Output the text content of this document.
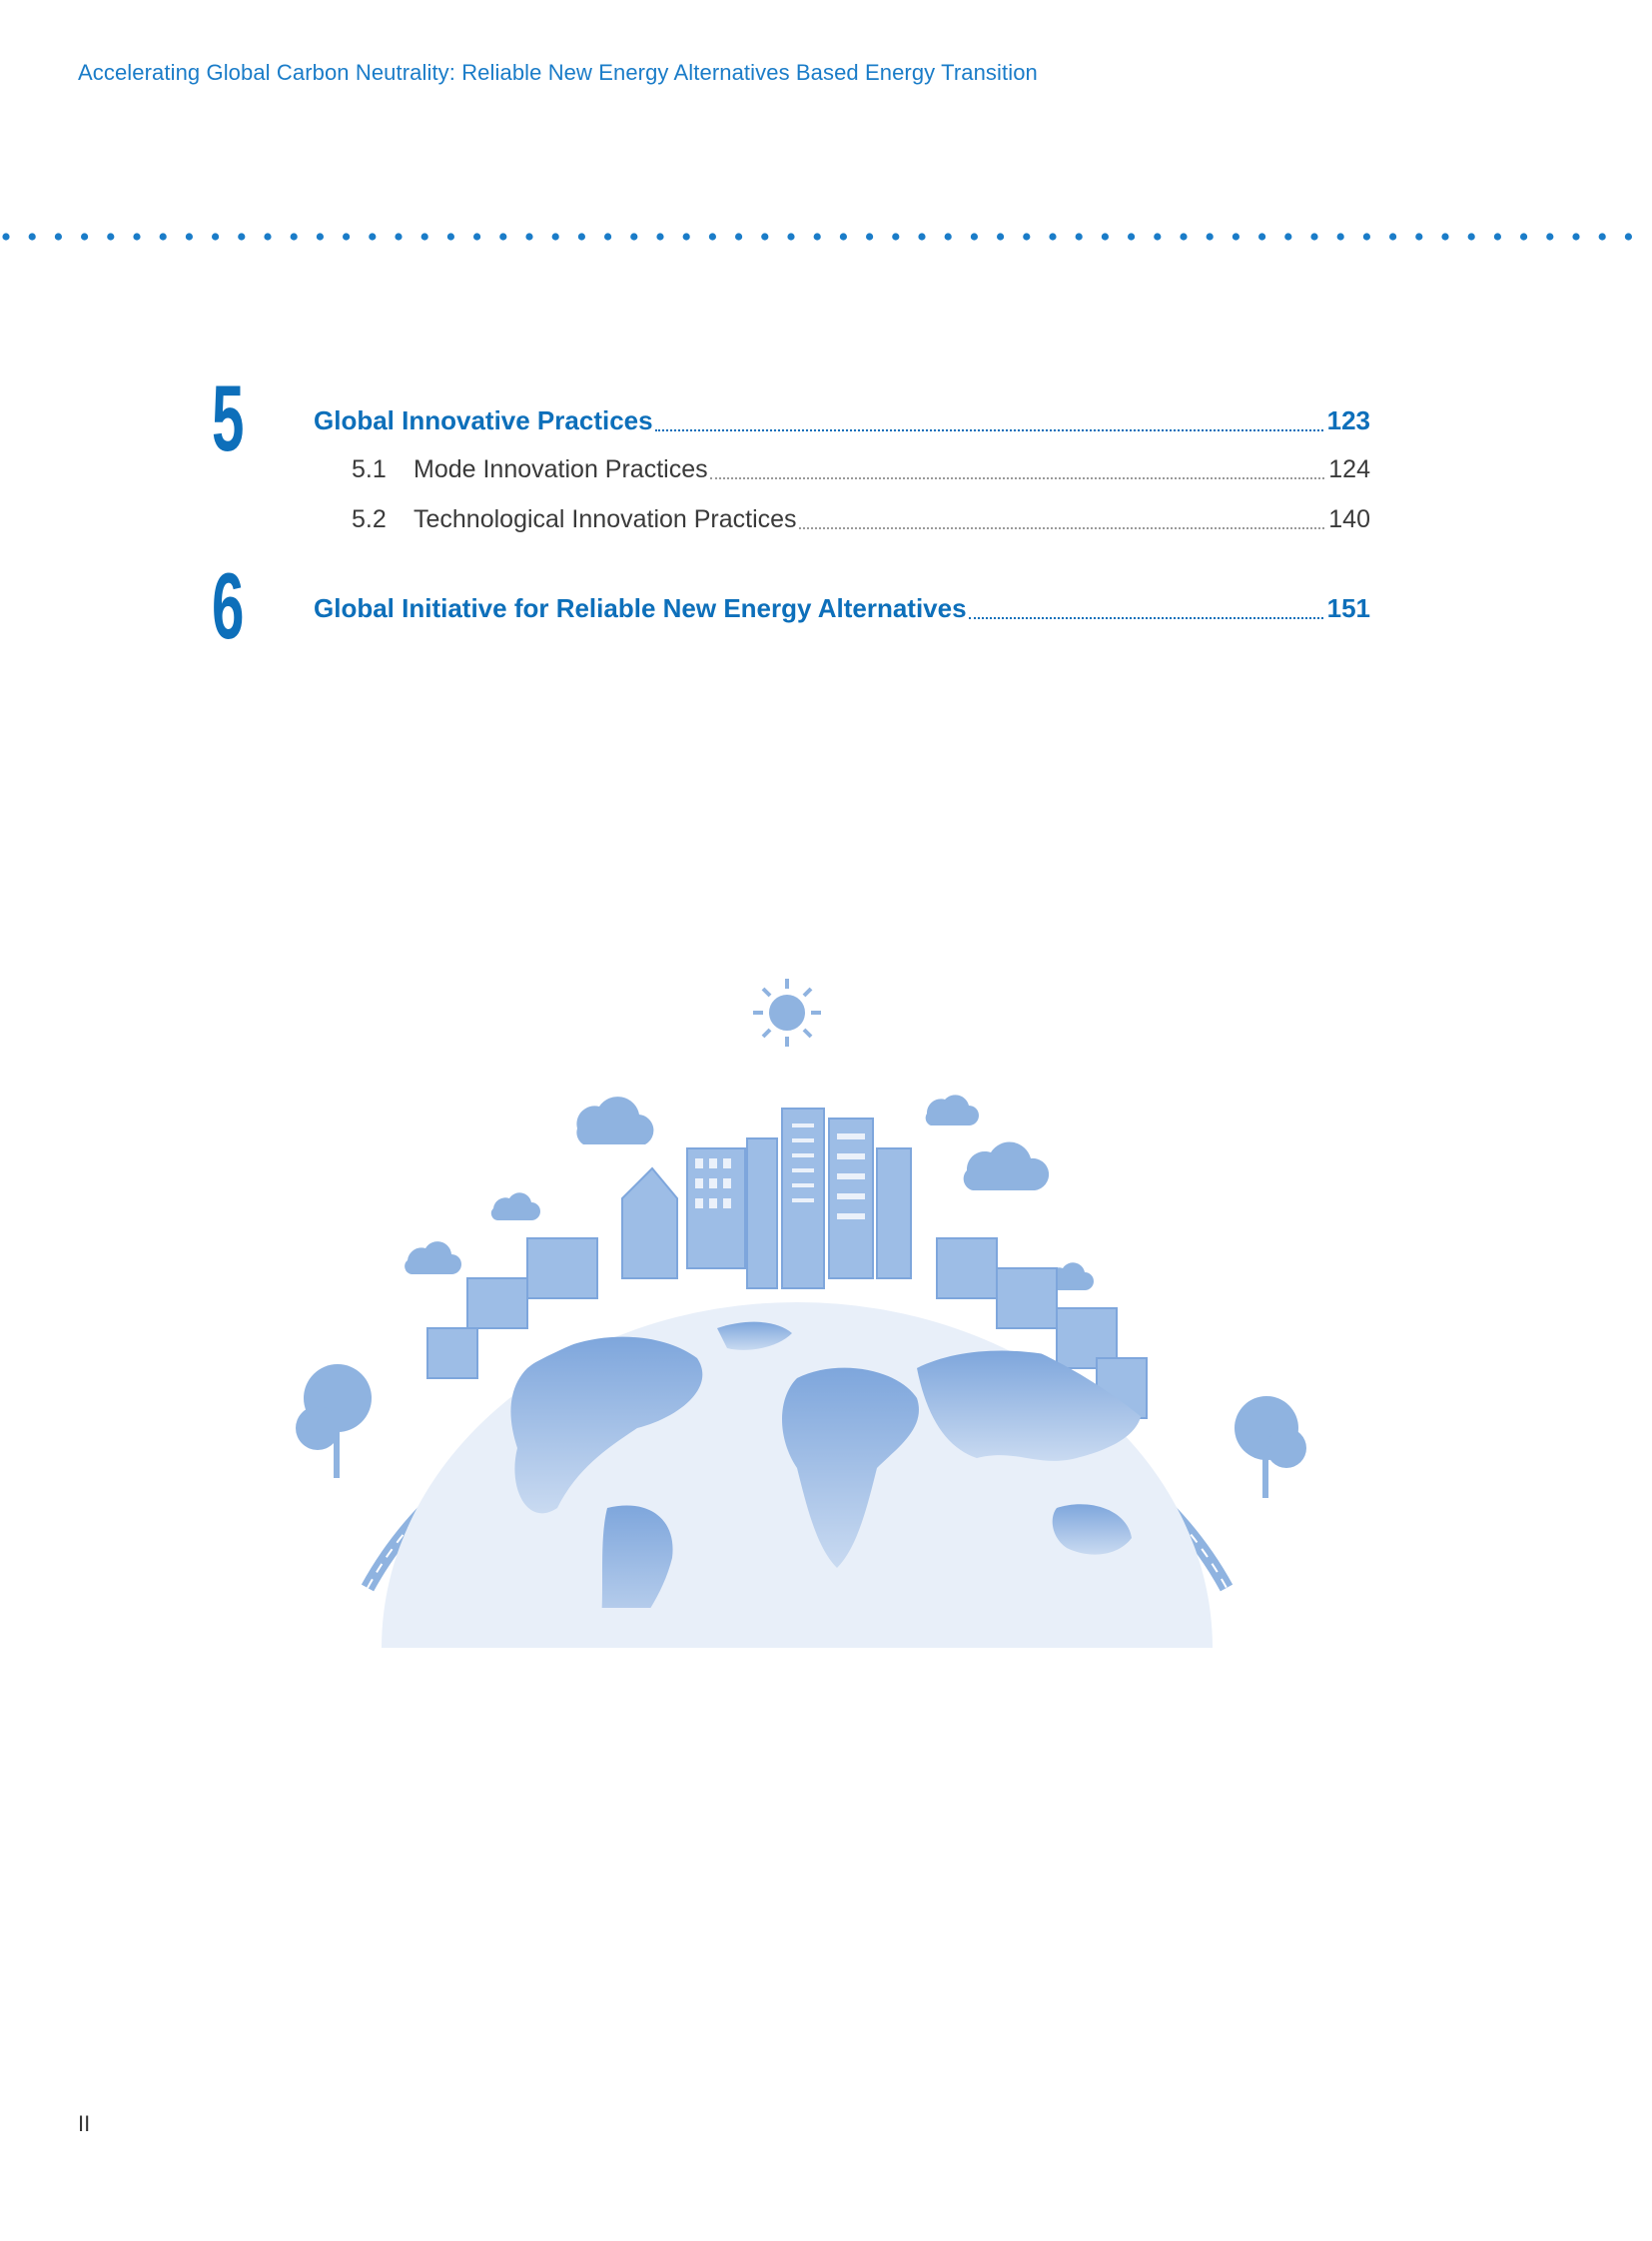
Accelerating Global Carbon Neutrality: Reliable New Energy Alternatives Based Energy Transition
5	Global Innovative Practices	123
5.1	Mode Innovation Practices	124
5.2	Technological Innovation Practices	140
6	Global Initiative for Reliable New Energy Alternatives	151
II
